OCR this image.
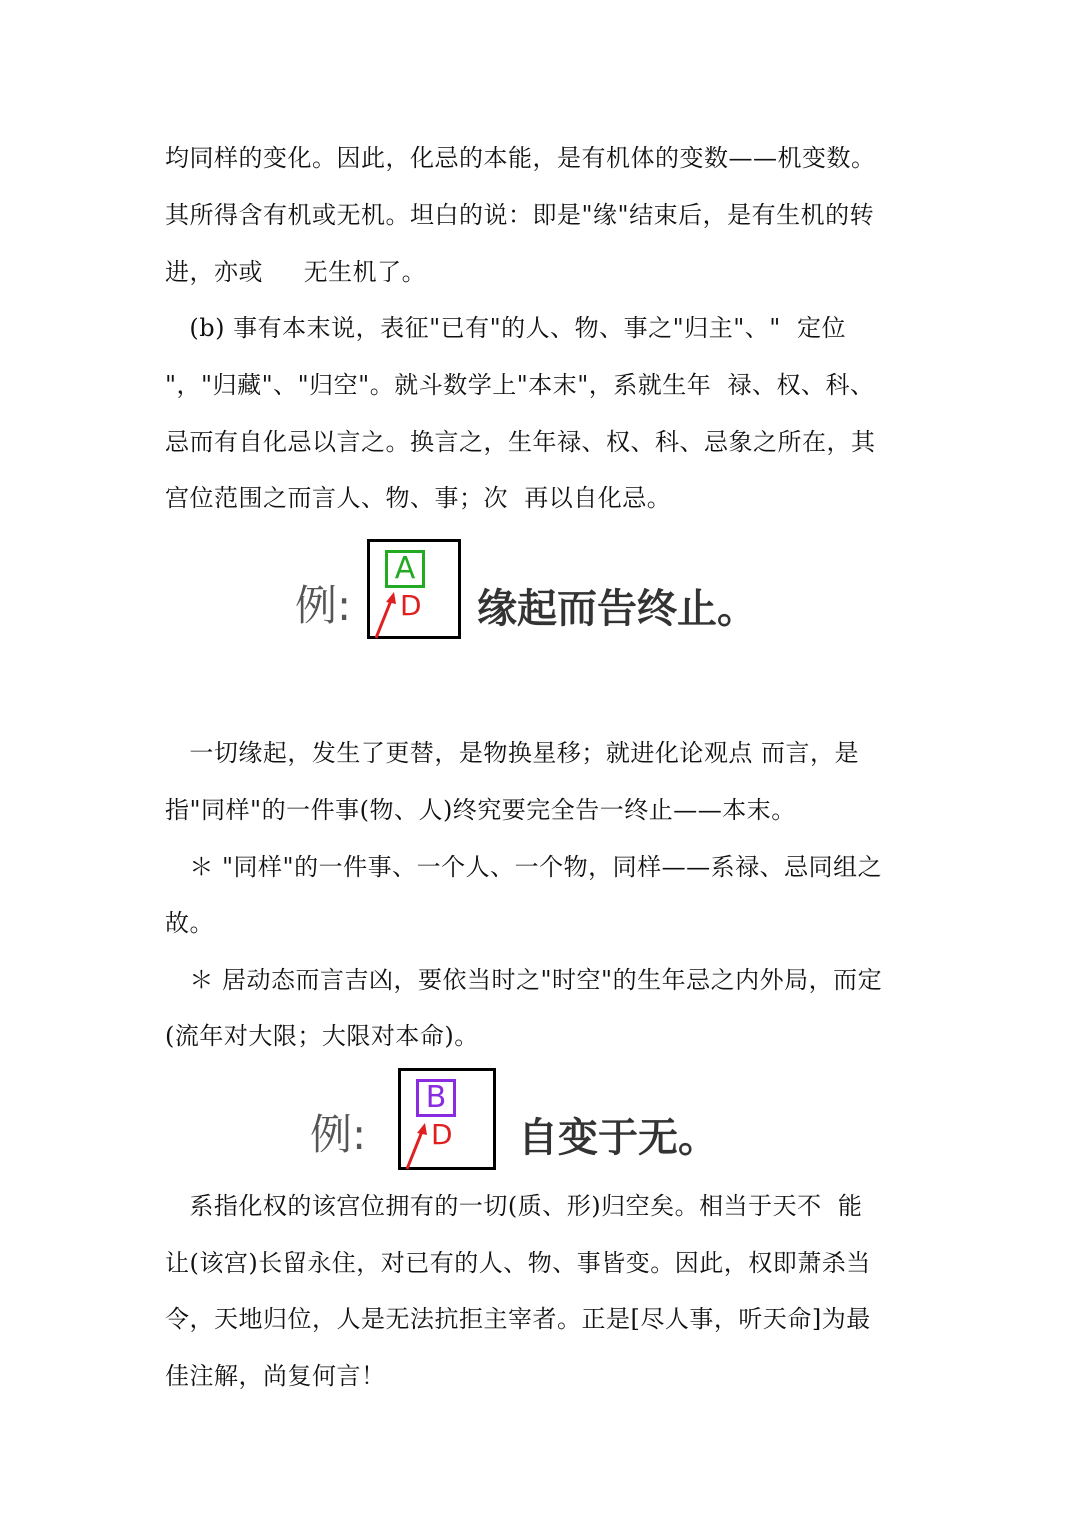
均同样的变化。因此，化忌的本能，是有机体的变数——机变数。
其所得含有机或无机。坦白的说：即是"缘"结束后，是有生机的转
进，亦或     无生机了。
(b) 事有本末说，表征"已有"的人、物、事之"归主"、"  定位
"，"归藏"、"归空"。就斗数学上"本末"，系就生年  禄、权、科、
忌而有自化忌以言之。换言之，生年禄、权、科、忌象之所在，其
宫位范围之而言人、物、事；次  再以自化忌。
例:
A
D 缘起而告终止。
一切缘起，发生了更替，是物换星移；就进化论观点 而言，是
指"同样"的一件事(物、人)终究要完全告一终止——本末。
＊ "同样"的一件事、一个人、一个物，同样——系禄、忌同组之
故。
＊ 居动态而言吉凶，要依当时之"时空"的生年忌之内外局，而定
(流年对大限；大限对本命)。
例:
B
D 自变于无。
系指化权的该宫位拥有的一切(质、形)归空矣。相当于天不  能
让(该宫)长留永住，对已有的人、物、事皆变。因此，权即萧杀当
令，天地归位，人是无法抗拒主宰者。正是[尽人事，听天命]为最
佳注解，尚复何言！
